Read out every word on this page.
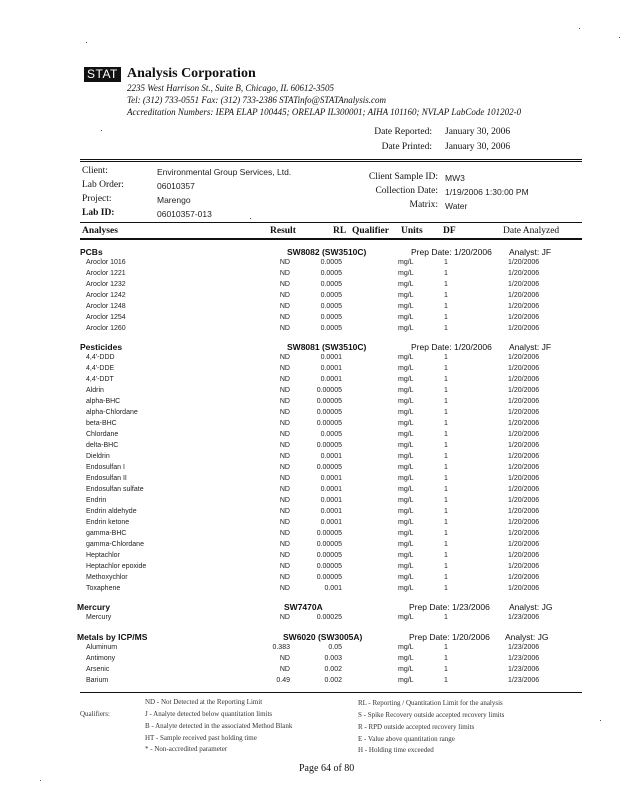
STAT Analysis Corporation
2235 West Harrison St., Suite B, Chicago, IL 60612-3505
Tel: (312) 733-0551 Fax: (312) 733-2386 STATinfo@STATAnalysis.com
Accreditation Numbers: IEPA ELAP 100445; ORELAP IL300001; AIHA 101160; NVLAP LabCode 101202-0
Date Reported: January 30, 2006
Date Printed: January 30, 2006
Client:	Environmental Group Services, Ltd.
Lab Order:	06010357
Project:	Marengo
Lab ID:	06010357-013
Client Sample ID: MW3
Collection Date: 1/19/2006 1:30:00 PM
Matrix: Water
Analyses	Result	RL Qualifier Units DF	Date Analyzed
PCBs	SW8082 (SW3510C)	Prep Date: 1/20/2006 Analyst: JF
Aroclor 1016	ND	0.0005	mg/L	1	1/20/2006
Aroclor 1221	ND	0.0005	mg/L	1	1/20/2006
Aroclor 1232	ND	0.0005	mg/L	1	1/20/2006
Aroclor 1242	ND	0.0005	mg/L	1	1/20/2006
Aroclor 1248	ND	0.0005	mg/L	1	1/20/2006
Aroclor 1254	ND	0.0005	mg/L	1	1/20/2006
Aroclor 1260	ND	0.0005	mg/L	1	1/20/2006
Pesticides	SW8081 (SW3510C)	Prep Date: 1/20/2006 Analyst: JF
4,4'-DDD	ND	0.0001	mg/L	1	1/20/2006
4,4'-DDE	ND	0.0001	mg/L	1	1/20/2006
4,4'-DDT	ND	0.0001	mg/L	1	1/20/2006
Aldrin	ND	0.00005	mg/L	1	1/20/2006
alpha-BHC	ND	0.00005	mg/L	1	1/20/2006
alpha-Chlordane	ND	0.00005	mg/L	1	1/20/2006
beta-BHC	ND	0.00005	mg/L	1	1/20/2006
Chlordane	ND	0.0005	mg/L	1	1/20/2006
delta-BHC	ND	0.00005	mg/L	1	1/20/2006
Dieldrin	ND	0.0001	mg/L	1	1/20/2006
Endosulfan I	ND	0.00005	mg/L	1	1/20/2006
Endosulfan II	ND	0.0001	mg/L	1	1/20/2006
Endosulfan sulfate	ND	0.0001	mg/L	1	1/20/2006
Endrin	ND	0.0001	mg/L	1	1/20/2006
Endrin aldehyde	ND	0.0001	mg/L	1	1/20/2006
Endrin ketone	ND	0.0001	mg/L	1	1/20/2006
gamma-BHC	ND	0.00005	mg/L	1	1/20/2006
gamma-Chlordane	ND	0.00005	mg/L	1	1/20/2006
Heptachlor	ND	0.00005	mg/L	1	1/20/2006
Heptachlor epoxide	ND	0.00005	mg/L	1	1/20/2006
Methoxychlor	ND	0.00005	mg/L	1	1/20/2006
Toxaphene	ND	0.001	mg/L	1	1/20/2006
Mercury	SW7470A	Prep Date: 1/23/2006 Analyst: JG
Mercury	ND	0.00025	mg/L	1	1/23/2006
Metals by ICP/MS	SW6020 (SW3005A)	Prep Date: 1/20/2006 Analyst: JG
Aluminum	0.383	0.05	mg/L	1	1/23/2006
Antimony	ND	0.003	mg/L	1	1/23/2006
Arsenic	ND	0.002	mg/L	1	1/23/2006
Barium	0.49	0.002	mg/L	1	1/23/2006
Qualifiers:
ND - Not Detected at the Reporting Limit
J - Analyte detected below quantitation limits
B - Analyte detected in the associated Method Blank
HT - Sample received past holding time
* - Non-accredited parameter
RL - Reporting / Quantitation Limit for the analysis
S - Spike Recovery outside accepted recovery limits
R - RPD outside accepted recovery limits
E - Value above quantitation range
H - Holding time exceeded
Page 64 of 80
